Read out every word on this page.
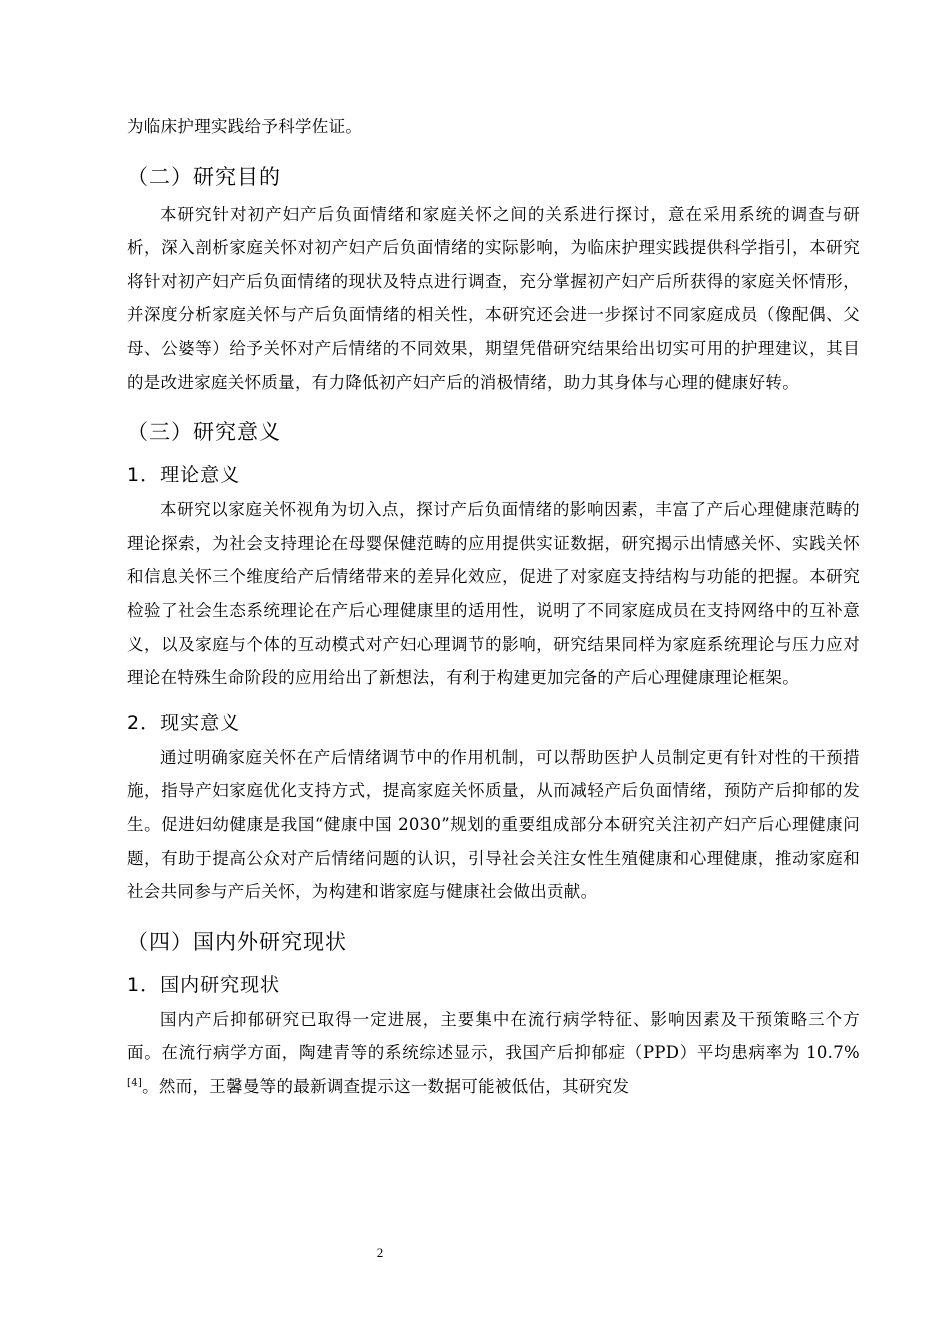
为临床护理实践给予科学佐证。

（二）研究目的

本研究针对初产妇产后负面情绪和家庭关怀之间的关系进行探讨，意在采用系统的调查与研析，深入剖析家庭关怀对初产妇产后负面情绪的实际影响，为临床护理实践提供科学指引，本研究将针对初产妇产后负面情绪的现状及特点进行调查，充分掌握初产妇产后所获得的家庭关怀情形，并深度分析家庭关怀与产后负面情绪的相关性，本研究还会进一步探讨不同家庭成员（像配偶、父母、公婆等）给予关怀对产后情绪的不同效果，期望凭借研究结果给出切实可用的护理建议，其目的是改进家庭关怀质量，有力降低初产妇产后的消极情绪，助力其身体与心理的健康好转。

（三）研究意义
1．理论意义

本研究以家庭关怀视角为切入点，探讨产后负面情绪的影响因素，丰富了产后心理健康范畴的理论探索，为社会支持理论在母婴保健范畴的应用提供实证数据，研究揭示出情感关怀、实践关怀和信息关怀三个维度给产后情绪带来的差异化效应，促进了对家庭支持结构与功能的把握。本研究检验了社会生态系统理论在产后心理健康里的适用性，说明了不同家庭成员在支持网络中的互补意义，以及家庭与个体的互动模式对产妇心理调节的影响，研究结果同样为家庭系统理论与压力应对理论在特殊生命阶段的应用给出了新想法，有利于构建更加完备的产后心理健康理论框架。

2．现实意义

通过明确家庭关怀在产后情绪调节中的作用机制，可以帮助医护人员制定更有针对性的干预措施，指导产妇家庭优化支持方式，提高家庭关怀质量，从而减轻产后负面情绪，预防产后抑郁的发生。促进妇幼健康是我国“健康中国 2030”规划的重要组成部分本研究关注初产妇产后心理健康问题，有助于提高公众对产后情绪问题的认识，引导社会关注女性生殖健康和心理健康，推动家庭和社会共同参与产后关怀，为构建和谐家庭与健康社会做出贡献。

（四）国内外研究现状
1．国内研究现状

国内产后抑郁研究已取得一定进展，主要集中在流行病学特征、影响因素及干预策略三个方面。在流行病学方面，陶建青等的系统综述显示，我国产后抑郁症（PPD）平均患病率为 10.7%[4]。然而，王馨曼等的最新调查提示这一数据可能被低估，其研究发

2
